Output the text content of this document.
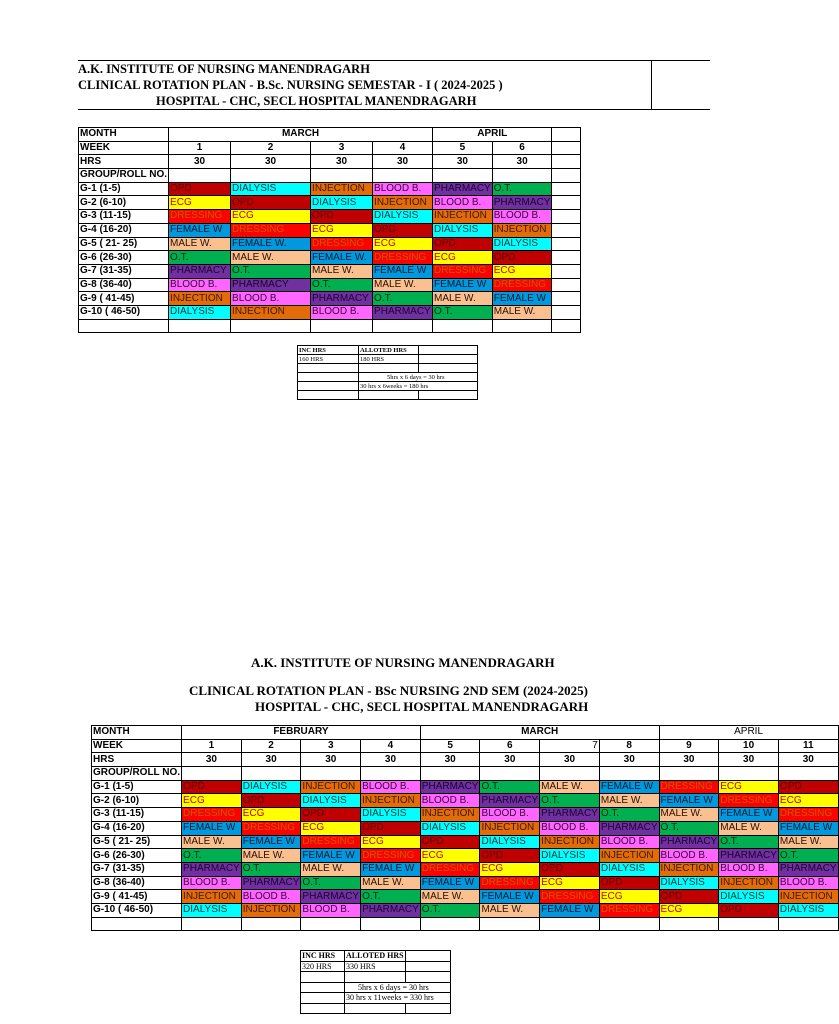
A.K. INSTITUTE OF NURSING MANENDRAGARH
CLINICAL ROTATION PLAN - B.Sc. NURSING SEMESTAR - I ( 2024-2025 )
HOSPITAL - CHC, SECL HOSPITAL MANENDRAGARH
MONTH	MARCH				APRIL		
WEEK	1	2	3	4	5	6	
HRS	30	30	30	30	30	30	
GROUP/ROLL NO.							
G-1 (1-5)	OPD	DIALYSIS	INJECTION	BLOOD B.	PHARMACY	O.T.	
G-2 (6-10)	ECG	OPD	DIALYSIS	INJECTION	BLOOD B.	PHARMACY	
G-3 (11-15)	DRESSING	ECG	OPD	DIALYSIS	INJECTION	BLOOD B.	
G-4 (16-20)	FEMALE W	DRESSING	ECG	OPD	DIALYSIS	INJECTION	
G-5 ( 21- 25)	MALE W.	FEMALE W.	DRESSING	ECG	OPD	DIALYSIS	
G-6 (26-30)	O.T.	MALE W.	FEMALE W.	DRESSING	ECG	OPD	
G-7 (31-35)	PHARMACY	O.T.	MALE W.	FEMALE W	DRESSING	ECG	
G-8 (36-40)	BLOOD B.	PHARMACY	O.T.	MALE W.	FEMALE W	DRESSING	
G-9 ( 41-45)	INJECTION	BLOOD B.	PHARMACY	O.T.	MALE W.	FEMALE W	
G-10 ( 46-50)	DIALYSIS	INJECTION	BLOOD B.	PHARMACY	O.T.	MALE W.	

INC HRS	ALLOTED HRS	
160 HRS	180 HRS	

	5hrs x 6 days = 30 hrs	
	30 hrs x 6weeks = 180 hrs	

A.K. INSTITUTE OF NURSING MANENDRAGARH
CLINICAL ROTATION PLAN - BSc NURSING 2ND SEM (2024-2025)
HOSPITAL - CHC, SECL HOSPITAL MANENDRAGARH
MONTH	FEBRUARY				MARCH				APRIL		
WEEK	1	2	3	4	5	6	7	8	9	10	11
HRS	30	30	30	30	30	30	30	30	30	30	30
GROUP/ROLL NO.											
G-1 (1-5)	OPD	DIALYSIS	INJECTION	BLOOD B.	PHARMACY	O.T.	MALE W.	FEMALE W	DRESSING	ECG	OPD
G-2 (6-10)	ECG	OPD	DIALYSIS	INJECTION	BLOOD B.	PHARMACY	O.T.	MALE W.	FEMALE W	DRESSING	ECG
G-3 (11-15)	DRESSING	ECG	OPD	DIALYSIS	INJECTION	BLOOD B.	PHARMACY	O.T.	MALE W.	FEMALE W	DRESSING
G-4 (16-20)	FEMALE W	DRESSING	ECG	OPD	DIALYSIS	INJECTION	BLOOD B.	PHARMACY	O.T.	MALE W.	FEMALE W
G-5 ( 21- 25)	MALE W.	FEMALE W	DRESSING	ECG	OPD	DIALYSIS	INJECTION	BLOOD B.	PHARMACY	O.T.	MALE W.
G-6 (26-30)	O.T.	MALE W.	FEMALE W	DRESSING	ECG	OPD	DIALYSIS	INJECTION	BLOOD B.	PHARMACY	O.T.
G-7 (31-35)	PHARMACY	O.T.	MALE W.	FEMALE W	DRESSING	ECG	OPD	DIALYSIS	INJECTION	BLOOD B.	PHARMACY
G-8 (36-40)	BLOOD B.	PHARMACY	O.T.	MALE W.	FEMALE W	DRESSING	ECG	OPD	DIALYSIS	INJECTION	BLOOD B.
G-9 ( 41-45)	INJECTION	BLOOD B.	PHARMACY	O.T.	MALE W.	FEMALE W	DRESSING	ECG	OPD	DIALYSIS	INJECTION
G-10 ( 46-50)	DIALYSIS	INJECTION	BLOOD B.	PHARMACY	O.T.	MALE W.	FEMALE W	DRESSING	ECG	OPD	DIALYSIS

INC HRS	ALLOTED HRS	
320 HRS	330 HRS	

	5hrs x 6 days = 30 hrs	
	30 hrs x 11weeks = 330 hrs	
